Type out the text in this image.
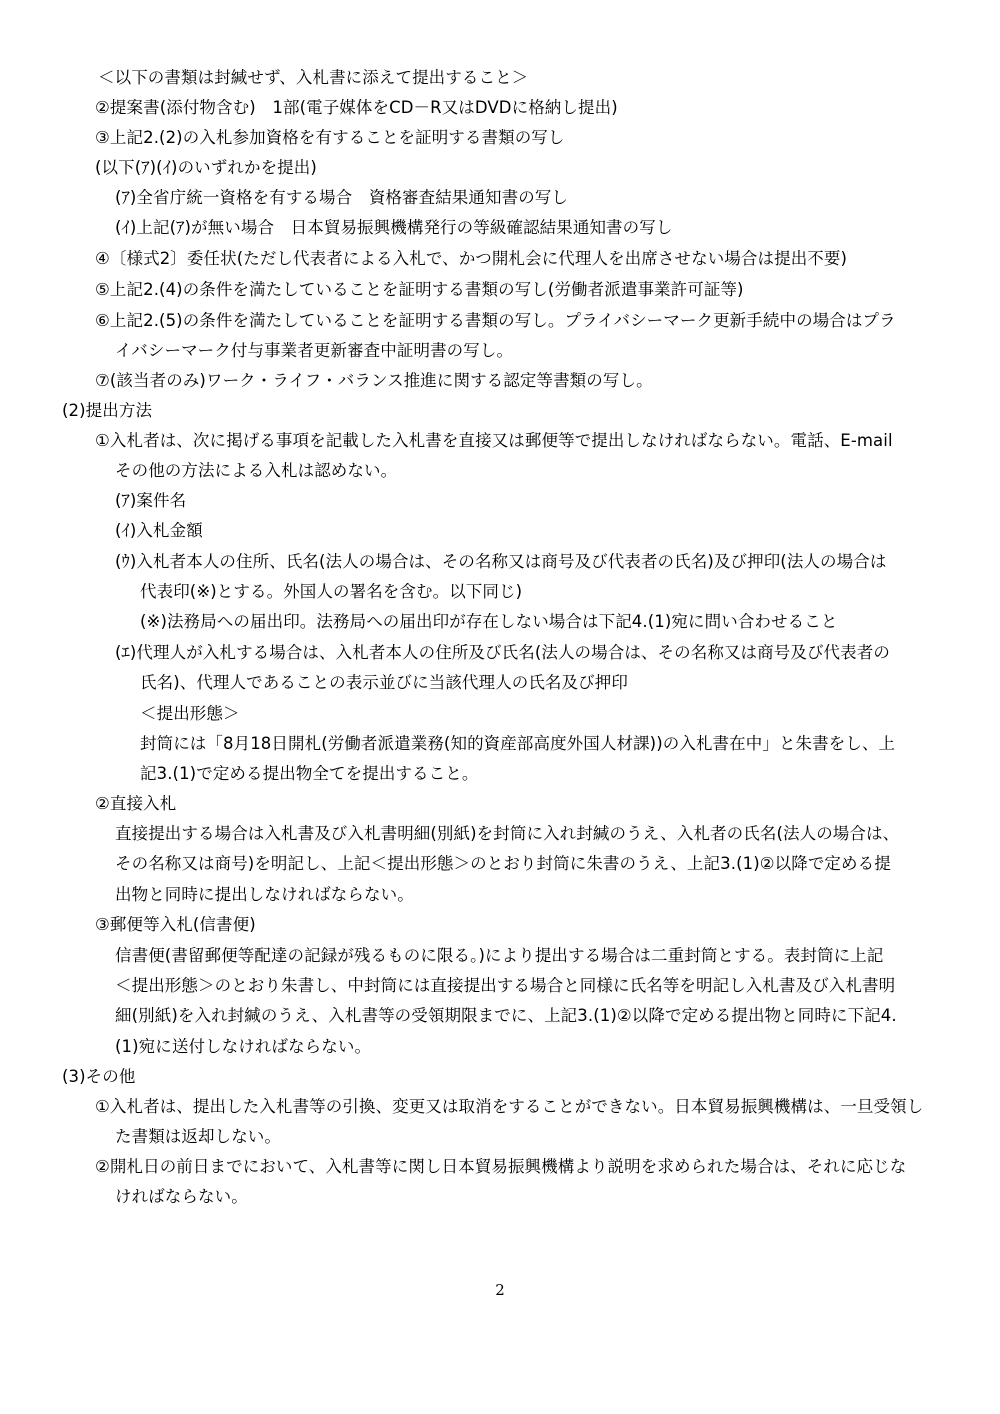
＜以下の書類は封緘せず、入札書に添えて提出すること＞
②提案書(添付物含む)　1部(電子媒体をCD－R又はDVDに格納し提出)
③上記2.(2)の入札参加資格を有することを証明する書類の写し
(以下(ｱ)(ｲ)のいずれかを提出)
(ｱ)全省庁統一資格を有する場合　資格審査結果通知書の写し
(ｲ)上記(ｱ)が無い場合　日本貿易振興機構発行の等級確認結果通知書の写し
④〔様式2〕委任状(ただし代表者による入札で、かつ開札会に代理人を出席させない場合は提出不要)
⑤上記2.(4)の条件を満たしていることを証明する書類の写し(労働者派遣事業許可証等)
⑥上記2.(5)の条件を満たしていることを証明する書類の写し。プライバシーマーク更新手続中の場合はプラ
イバシーマーク付与事業者更新審査中証明書の写し。
⑦(該当者のみ)ワーク・ライフ・バランス推進に関する認定等書類の写し。
(2)提出方法
①入札者は、次に掲げる事項を記載した入札書を直接又は郵便等で提出しなければならない。電話、E-mail
その他の方法による入札は認めない。
(ｱ)案件名
(ｲ)入札金額
(ｳ)入札者本人の住所、氏名(法人の場合は、その名称又は商号及び代表者の氏名)及び押印(法人の場合は
代表印(※)とする。外国人の署名を含む。以下同じ)
(※)法務局への届出印。法務局への届出印が存在しない場合は下記4.(1)宛に問い合わせること
(ｴ)代理人が入札する場合は、入札者本人の住所及び氏名(法人の場合は、その名称又は商号及び代表者の
氏名)、代理人であることの表示並びに当該代理人の氏名及び押印
＜提出形態＞
封筒には「8月18日開札(労働者派遣業務(知的資産部高度外国人材課))の入札書在中」と朱書をし、上
記3.(1)で定める提出物全てを提出すること。
②直接入札
直接提出する場合は入札書及び入札書明細(別紙)を封筒に入れ封緘のうえ、入札者の氏名(法人の場合は、
その名称又は商号)を明記し、上記＜提出形態＞のとおり封筒に朱書のうえ、上記3.(1)②以降で定める提
出物と同時に提出しなければならない。
③郵便等入札(信書便)
信書便(書留郵便等配達の記録が残るものに限る。)により提出する場合は二重封筒とする。表封筒に上記
＜提出形態＞のとおり朱書し、中封筒には直接提出する場合と同様に氏名等を明記し入札書及び入札書明
細(別紙)を入れ封緘のうえ、入札書等の受領期限までに、上記3.(1)②以降で定める提出物と同時に下記4.
(1)宛に送付しなければならない。
(3)その他
①入札者は、提出した入札書等の引換、変更又は取消をすることができない。日本貿易振興機構は、一旦受領し
た書類は返却しない。
②開札日の前日までにおいて、入札書等に関し日本貿易振興機構より説明を求められた場合は、それに応じな
ければならない。
2
